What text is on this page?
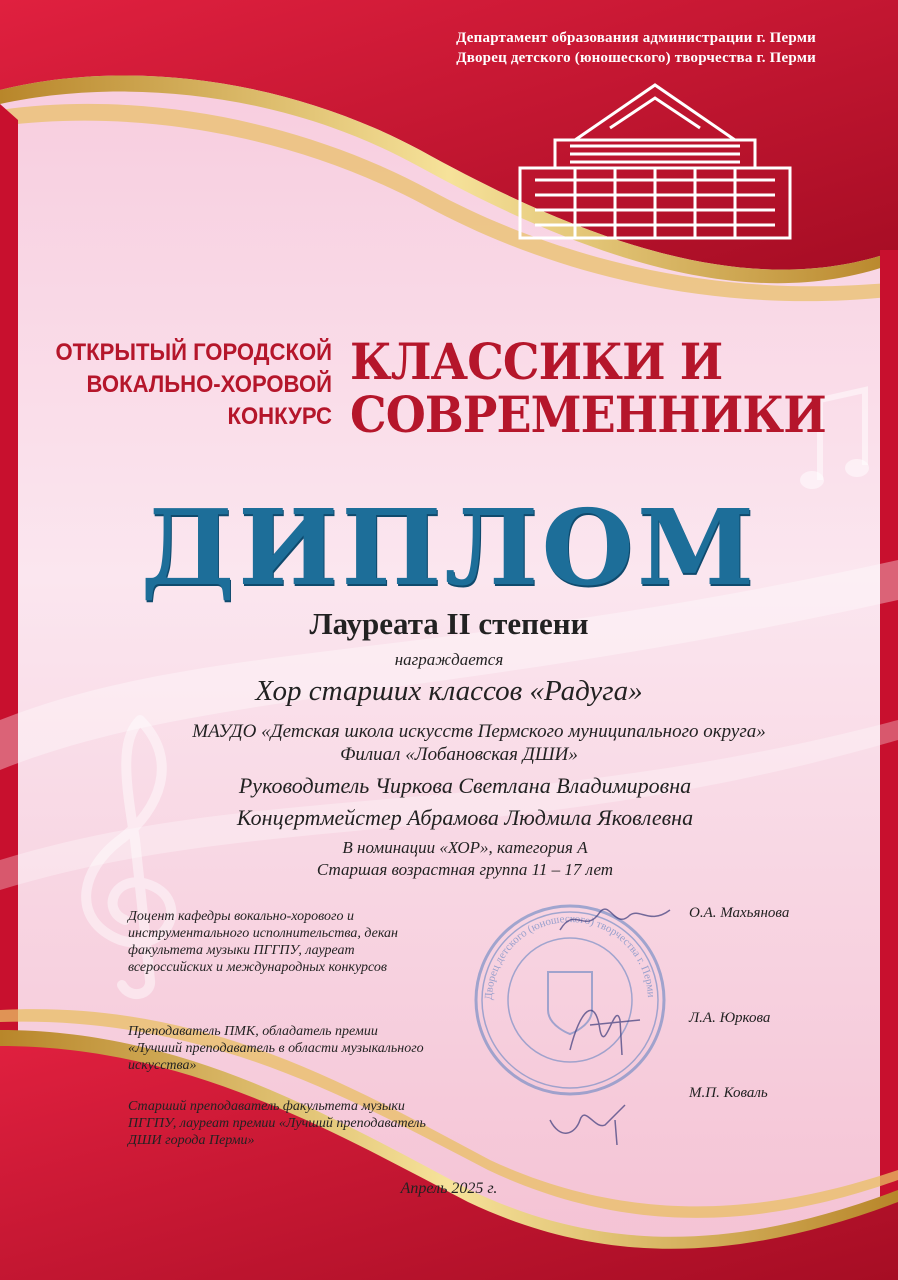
Департамент образования администрации г. Перми
Дворец детского (юношеского) творчества г. Перми
ОТКРЫТЫЙ ГОРОДСКОЙ
ВОКАЛЬНО-ХОРОВОЙ
КОНКУРС
КЛАССИКИ И
СОВРЕМЕННИКИ
ДИПЛОМ
Лауреата II степени
награждается
Хор старших классов «Радуга»
МАУДО «Детская школа искусств Пермского муниципального округа»
Филиал «Лобановская ДШИ»
Руководитель Чиркова Светлана Владимировна
Концертмейстер Абрамова Людмила Яковлевна
В номинации «ХОР», категория А
Старшая возрастная группа 11 – 17 лет
Дворец детского (юношеского) творчества г. Перми
Доцент кафедры вокально-хорового и инструментального исполнительства, декан факультета музыки ПГГПУ, лауреат всероссийских и международных конкурсов
О.А. Махьянова
Преподаватель ПМК, обладатель премии «Лучший преподаватель в области музыкального искусства»
Л.А. Юркова
Старший преподаватель факультета музыки ПГГПУ, лауреат премии «Лучший преподаватель ДШИ города Перми»
М.П. Коваль
Апрель 2025 г.
